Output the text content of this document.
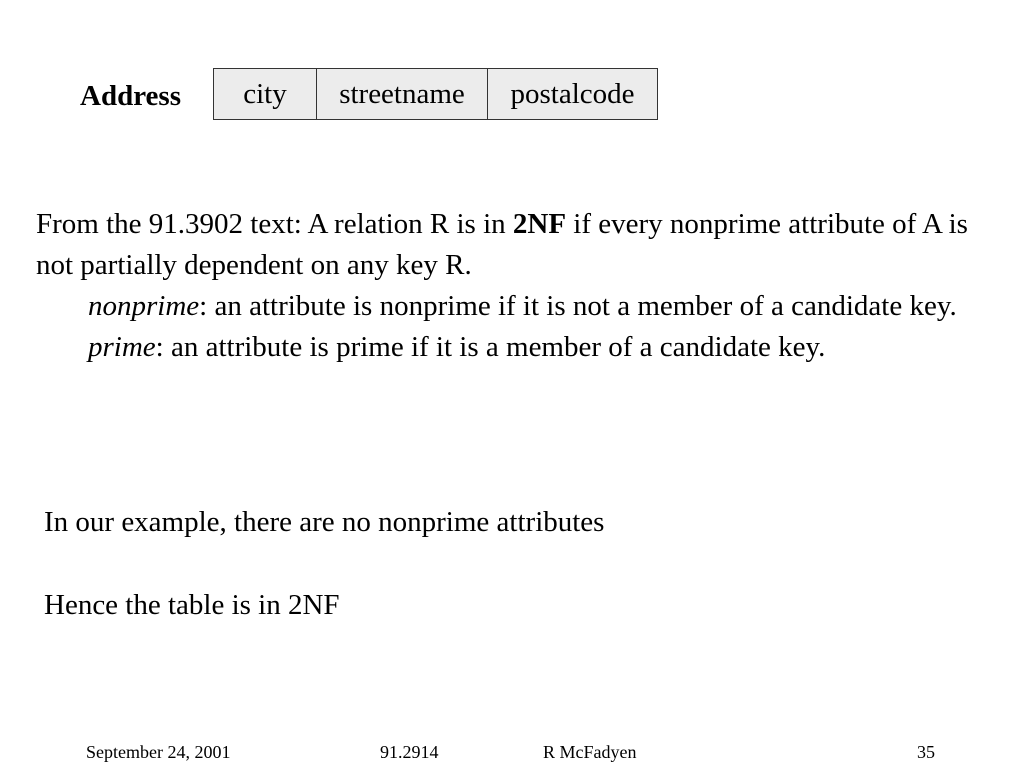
Address	city	streetname	postalcode

From the 91.3902 text: A relation R is in 2NF if every nonprime attribute of A is not partially dependent on any key R.

nonprime: an attribute is nonprime if it is not a member of a candidate key.

prime: an attribute is prime if it is a member of a candidate key.

In our example, there are no nonprime attributes
Hence the table is in 2NF
September 24, 2001	91.2914	R McFadyen	35
